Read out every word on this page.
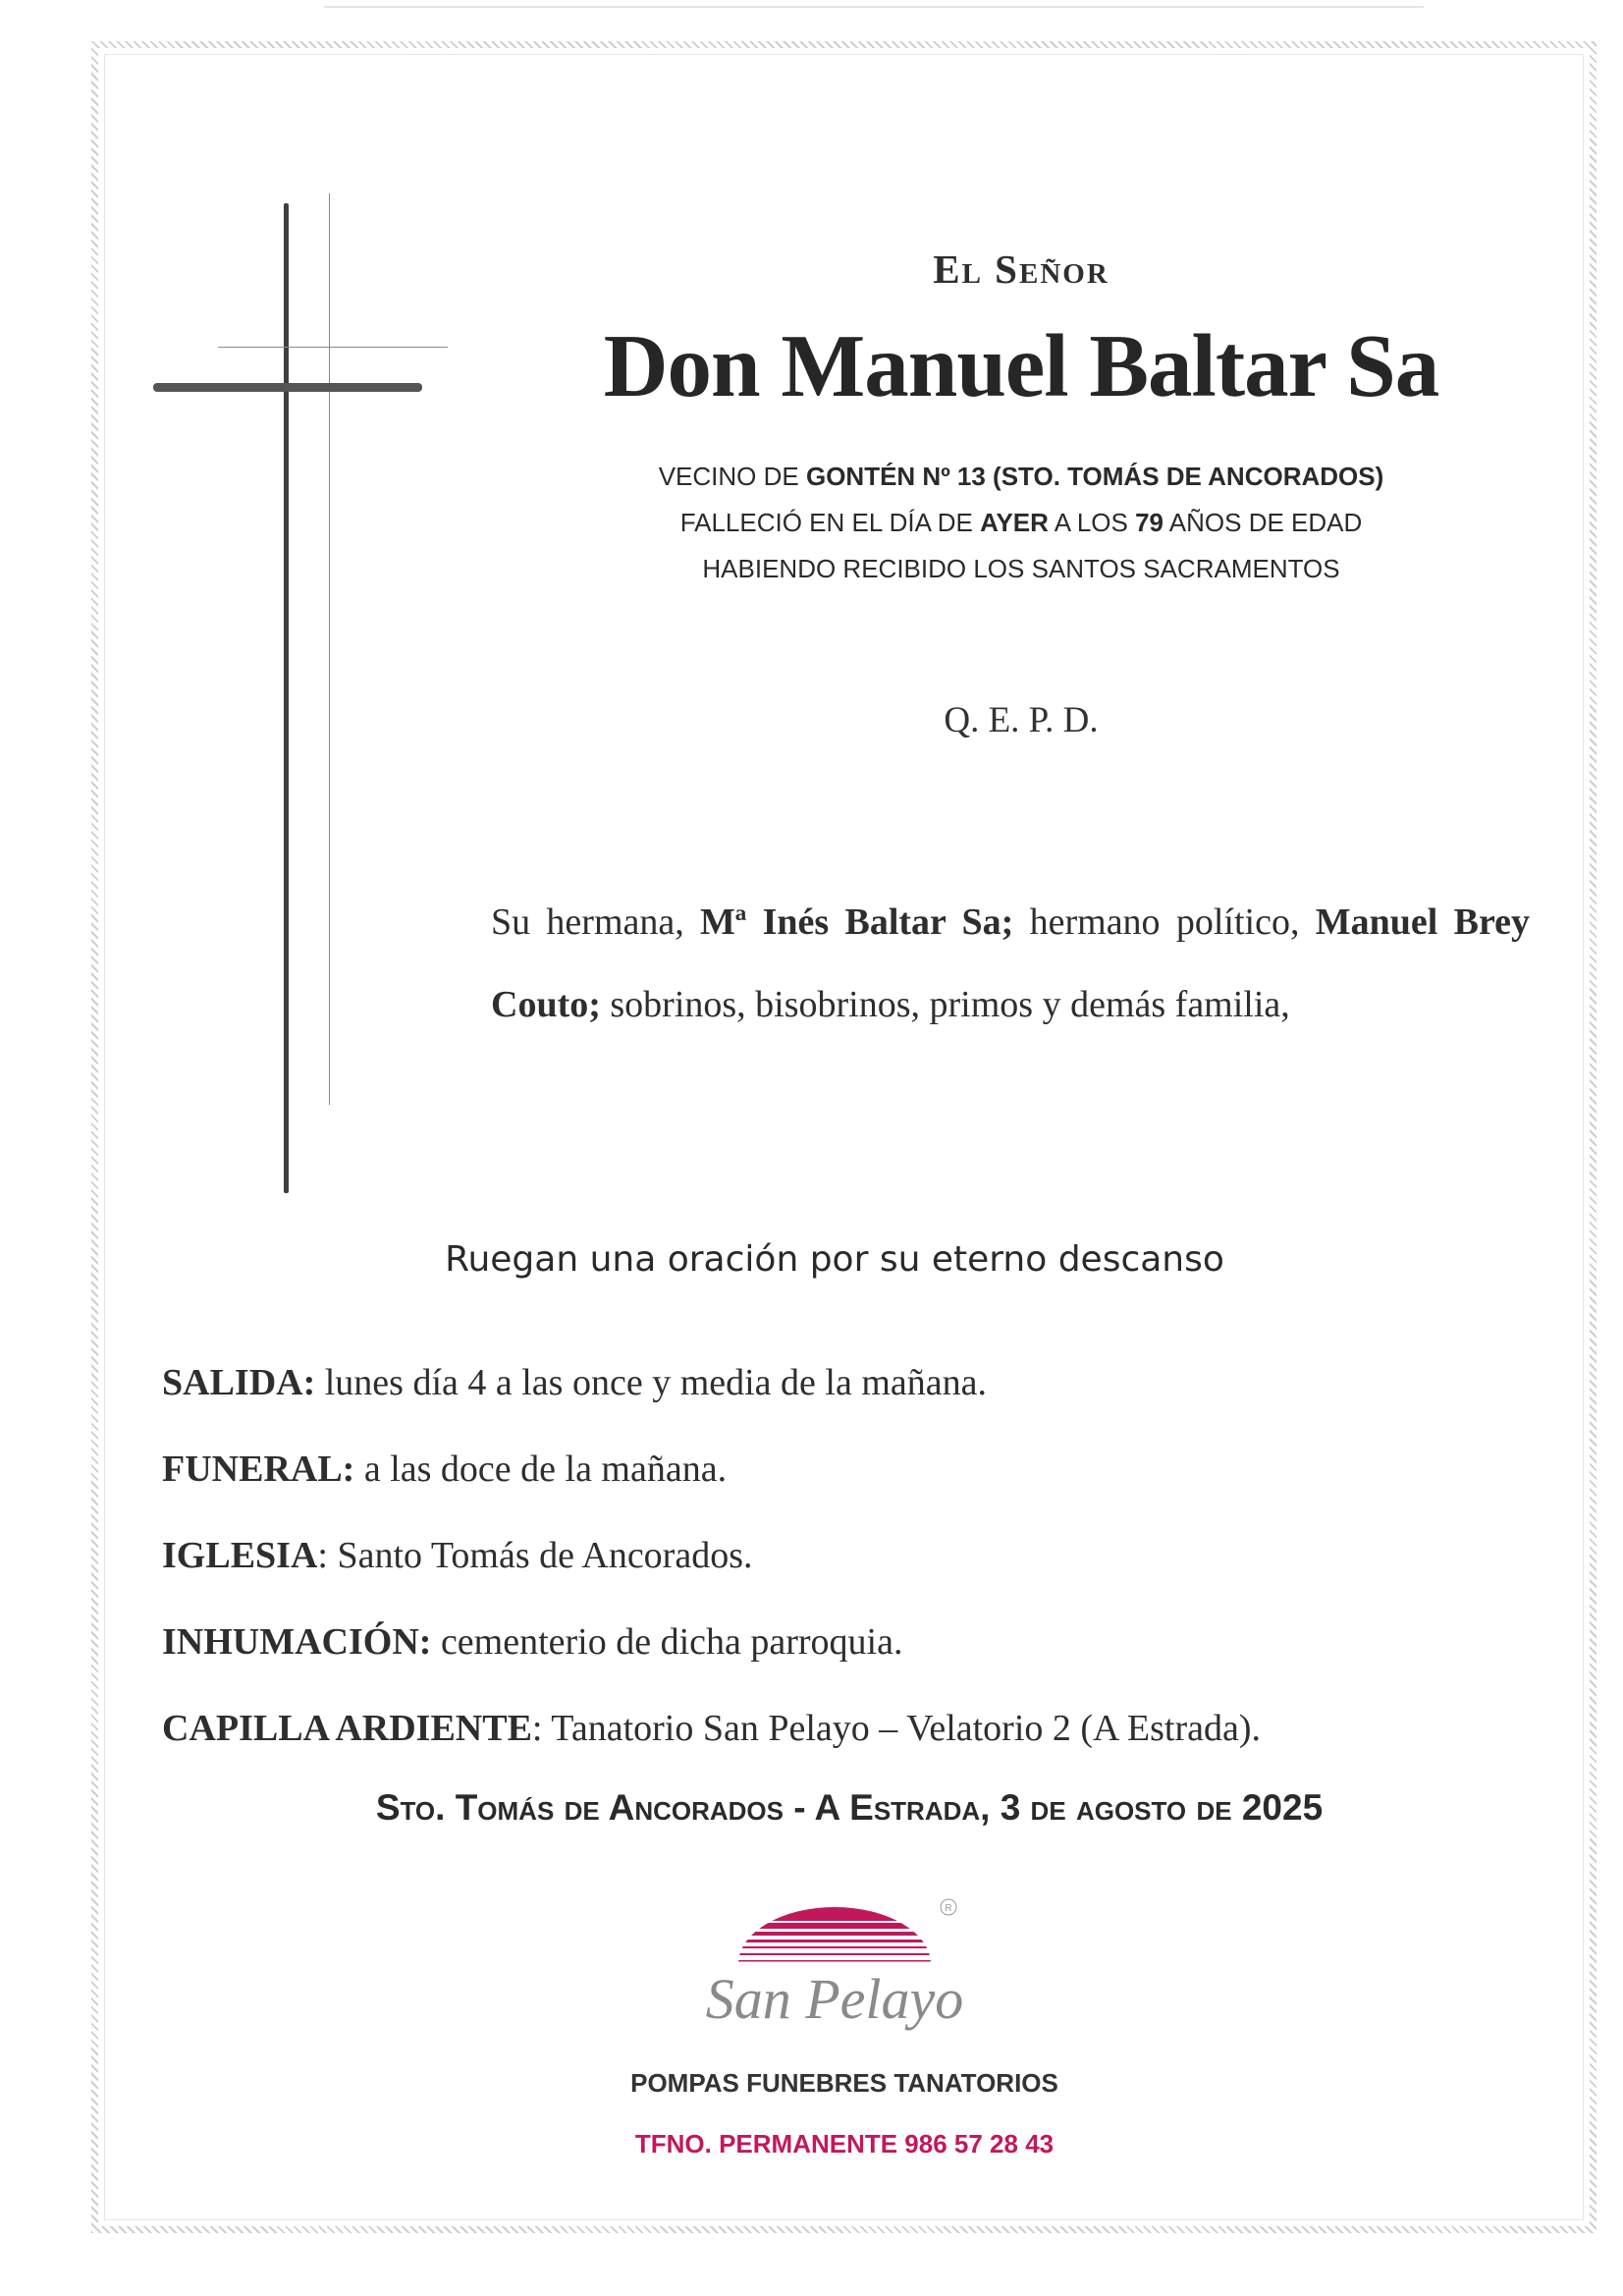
El Señor
Don Manuel Baltar Sa
VECINO DE GONTÉN Nº 13 (STO. TOMÁS DE ANCORADOS)
FALLECIÓ EN EL DÍA DE AYER A LOS 79 AÑOS DE EDAD
HABIENDO RECIBIDO LOS SANTOS SACRAMENTOS
Q. E. P. D.
Su hermana, Mª Inés Baltar Sa; hermano político, Manuel Brey Couto; sobrinos, bisobrinos, primos y demás familia,
Ruegan una oración por su eterno descanso
SALIDA: lunes día 4 a las once y media de la mañana.
FUNERAL: a las doce de la mañana.
IGLESIA: Santo Tomás de Ancorados.
INHUMACIÓN: cementerio de dicha parroquia.
CAPILLA ARDIENTE: Tanatorio San Pelayo – Velatorio 2 (A Estrada).
Sto. Tomás de Ancorados - A Estrada, 3 de agosto de 2025
R
San Pelayo
POMPAS FUNEBRES TANATORIOS
TFNO. PERMANENTE 986 57 28 43
